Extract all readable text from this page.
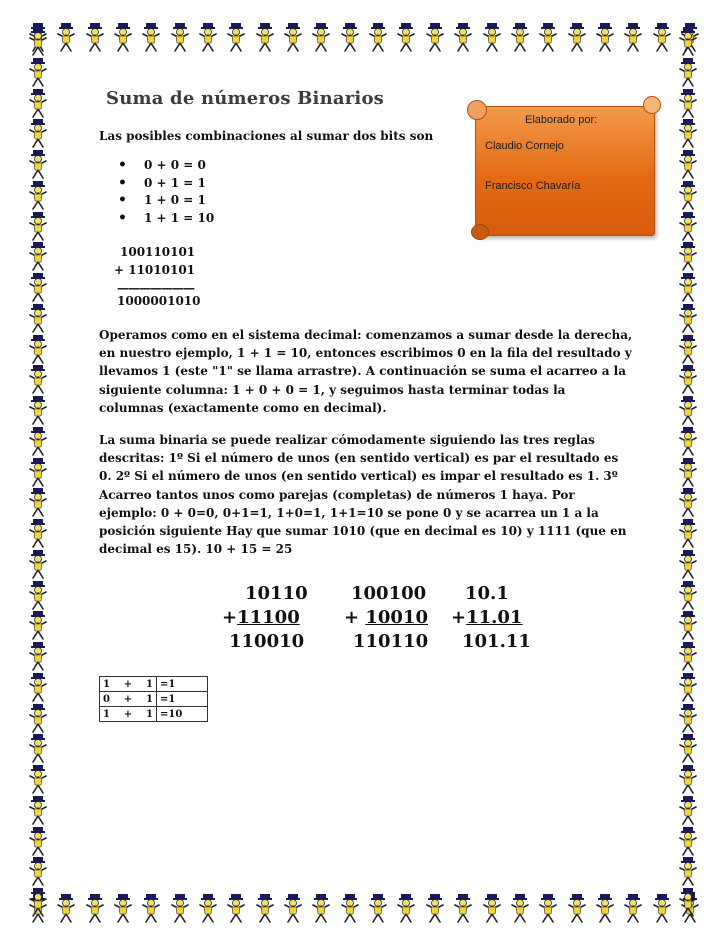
Suma de números Binarios
Elaborado por:
Claudio Cornejo
Francisco Chavaría
Las posibles combinaciones al sumar dos bits son
• 0 + 0 = 0
• 0 + 1 = 1
• 1 + 0 = 1
• 1 + 1 = 10
100110101
+ 11010101
———————
1000001010
Operamos como en el sistema decimal: comenzamos a sumar desde la derecha, en nuestro ejemplo, 1 + 1 = 10, entonces escribimos 0 en la fila del resultado y llevamos 1 (este "1" se llama arrastre). A continuación se suma el acarreo a la siguiente columna: 1 + 0 + 0 = 1, y seguimos hasta terminar todas la columnas (exactamente como en decimal).
La suma binaria se puede realizar cómodamente siguiendo las tres reglas descritas: 1º Si el número de unos (en sentido vertical) es par el resultado es 0. 2º Si el número de unos (en sentido vertical) es impar el resultado es 1. 3º Acarreo tantos unos como parejas (completas) de números 1 haya. Por ejemplo: 0 + 0=0, 0+1=1, 1+0=1, 1+1=10 se pone 0 y se acarrea un 1 a la posición siguiente Hay que sumar 1010 (que en decimal es 10) y 1111 (que en decimal es 15). 10 + 15 = 25
10110
+11100
110010
100100
+ 10010
110110
10.1
+11.01
101.11
1	+	1	=1
0	+	1	=1
1	+	1	=10
